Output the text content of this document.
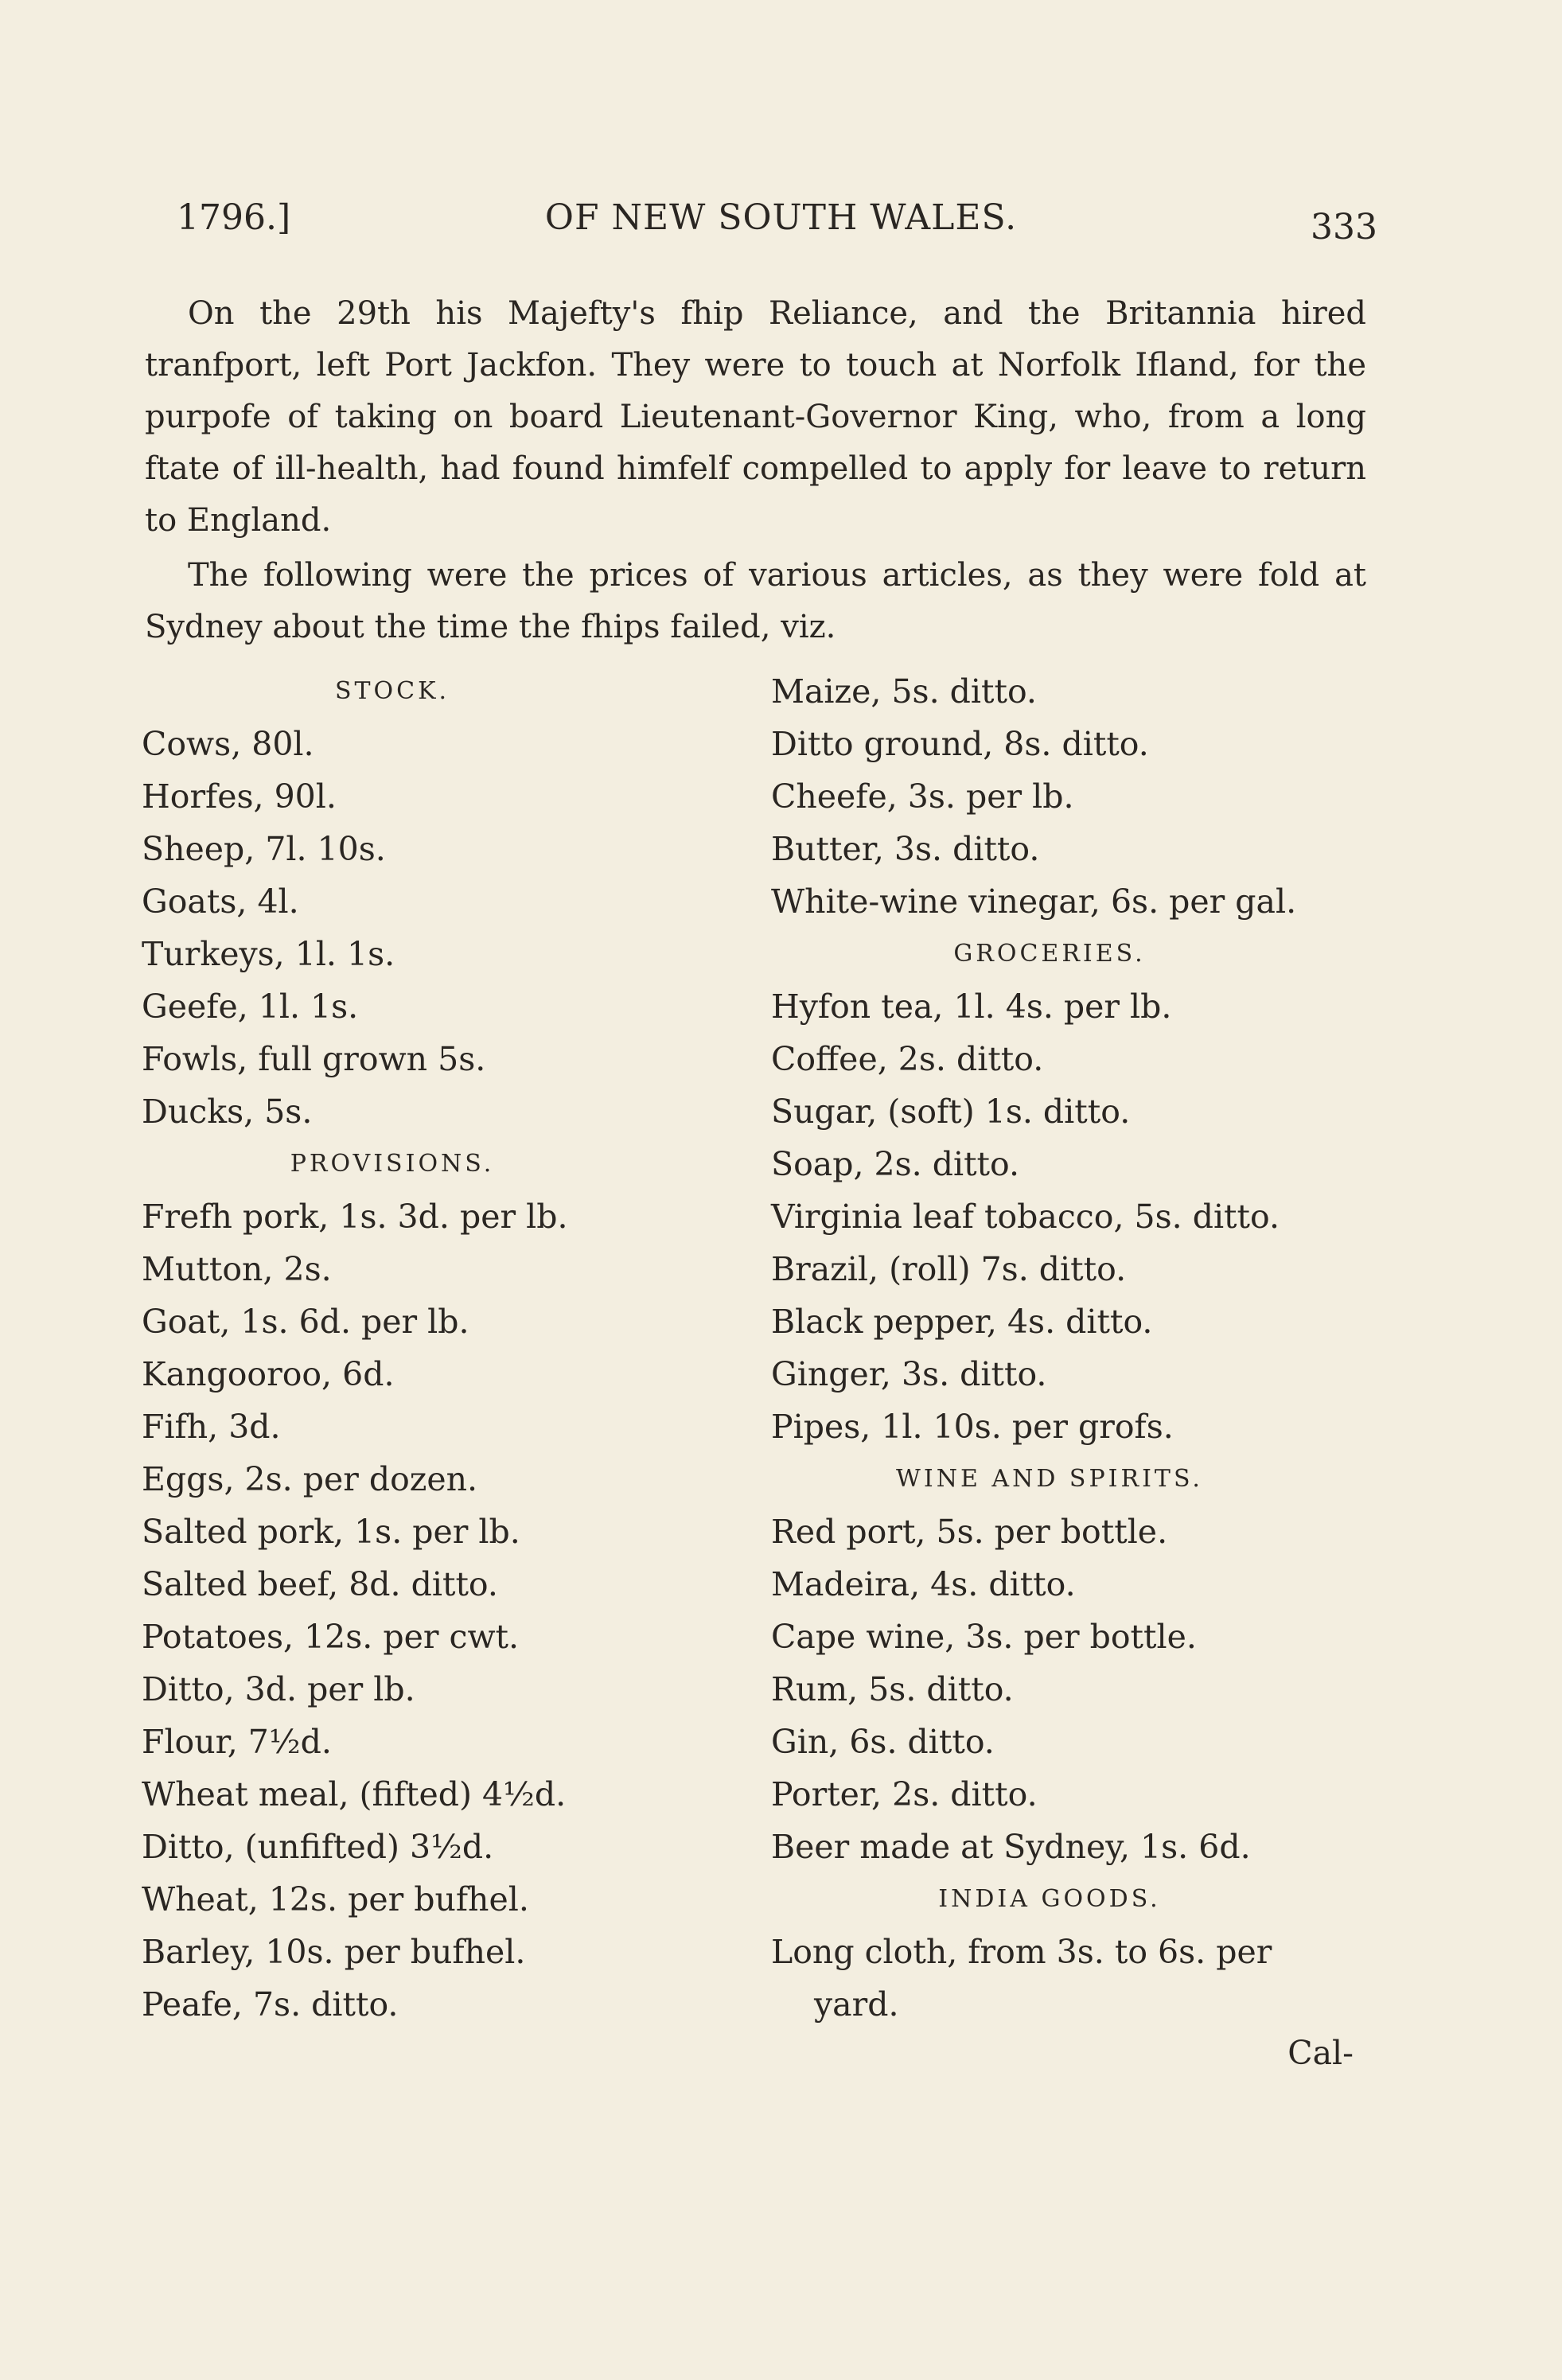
1796.]	OF NEW SOUTH WALES.	333

On the 29th his Majefty's fhip Reliance, and the Britannia hired tranfport, left Port Jackfon. They were to touch at Norfolk Ifland, for the purpofe of taking on board Lieutenant-Governor King, who, from a long ftate of ill-health, had found himfelf compelled to apply for leave to return to England.

The following were the prices of various articles, as they were fold at Sydney about the time the fhips failed, viz.

STOCK.
Cows, 80l.
Horfes, 90l.
Sheep, 7l. 10s.
Goats, 4l.
Turkeys, 1l. 1s.
Geefe, 1l. 1s.
Fowls, full grown 5s.
Ducks, 5s.
PROVISIONS.
Frefh pork, 1s. 3d. per lb.
Mutton, 2s.
Goat, 1s. 6d. per lb.
Kangooroo, 6d.
Fifh, 3d.
Eggs, 2s. per dozen.
Salted pork, 1s. per lb.
Salted beef, 8d. ditto.
Potatoes, 12s. per cwt.
Ditto, 3d. per lb.
Flour, 7½d.
Wheat meal, (fifted) 4½d.
Ditto, (unfifted) 3½d.
Wheat, 12s. per bufhel.
Barley, 10s. per bufhel.
Peafe, 7s. ditto.
Maize, 5s. ditto.
Ditto ground, 8s. ditto.
Cheefe, 3s. per lb.
Butter, 3s. ditto.
White-wine vinegar, 6s. per gal.
GROCERIES.
Hyfon tea, 1l. 4s. per lb.
Coffee, 2s. ditto.
Sugar, (soft) 1s. ditto.
Soap, 2s. ditto.
Virginia leaf tobacco, 5s. ditto.
Brazil, (roll) 7s. ditto.
Black pepper, 4s. ditto.
Ginger, 3s. ditto.
Pipes, 1l. 10s. per grofs.
WINE AND SPIRITS.
Red port, 5s. per bottle.
Madeira, 4s. ditto.
Cape wine, 3s. per bottle.
Rum, 5s. ditto.
Gin, 6s. ditto.
Porter, 2s. ditto.
Beer made at Sydney, 1s. 6d.
INDIA GOODS.
Long cloth, from 3s. to 6s. per
yard.
Cal-
